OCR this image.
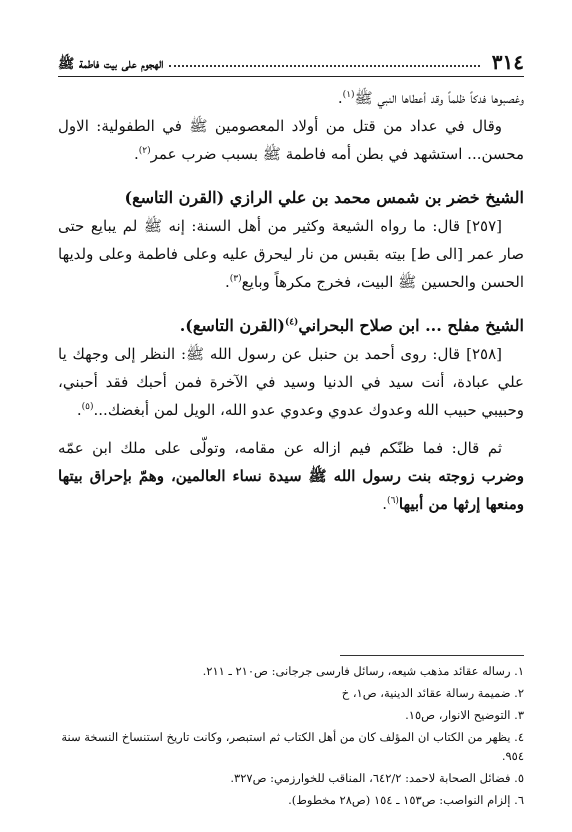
٣١٤
الهجوم على بيت فاطمة ﷺ

وغصبوها فدكاً ظلماً وقد أعطاها النبي ﷺ$^{(١)}$.

وقال في عداد من قتل من أولاد المعصومين ﷺ في الطفولية: الاول محسن... استشهد في بطن أمه فاطمة ﷺ بسبب ضرب عمر$^{(٢)}$.

الشيخ خضر بن شمس محمد بن علي الرازي (القرن التاسع)

[٢٥٧]قال: ما رواه الشيعة وكثير من أهل السنة: إنه ﷺ لم يبايع حتى صار عمر [الى ط] بيته بقبس من نار ليحرق عليه وعلى فاطمة وعلى ولديها الحسن والحسين ﷺ البيت، فخرج مكرهاً وبايع$^{(٣)}$.

الشيخ مفلح ... ابن صلاح البحراني$^{(٤)}$(القرن التاسع).

[٢٥٨]قال: روى أحمد بن حنبل عن رسول الله ﷺ: النظر إلى وجهك يا علي عبادة، أنت سيد في الدنيا وسيد في الآخرة فمن أحبك فقد أحبني، وحبيبي حبيب الله وعدوك عدوي وعدوي عدو الله، الويل لمن أبغضك...$^{(٥)}$.

ثم قال: فما ظنّكم فيم ازاله عن مقامه، وتولّى على ملك ابن عمّه وضرب زوجته بنت رسول الله ﷺ سيدة نساء العالمين، وهمّ بإحراق بيتها ومنعها إرثها من أبيها$^{(٦)}$.

١. رساله عقائد مذهب شيعه، رسائل فارسی جرجانی: ص٢١٠ ـ ٢١١.

٢. ضميمة رسالة عقائد الدينية، ص١، خ

٣. التوضيح الانوار، ص١٥.

٤. يظهر من الكتاب ان المؤلف كان من أهل الكتاب ثم استبصر، وكانت تاريخ استنساخ النسخة سنة ٩٥٤.

٥. فضائل الصحابة لاحمد: ٦٤٢/٢، المناقب للخوارزمي: ص٣٢٧.

٦. إلزام النواصب: ص١٥٣ ـ ١٥٤ (ص٢٨ مخطوط).
